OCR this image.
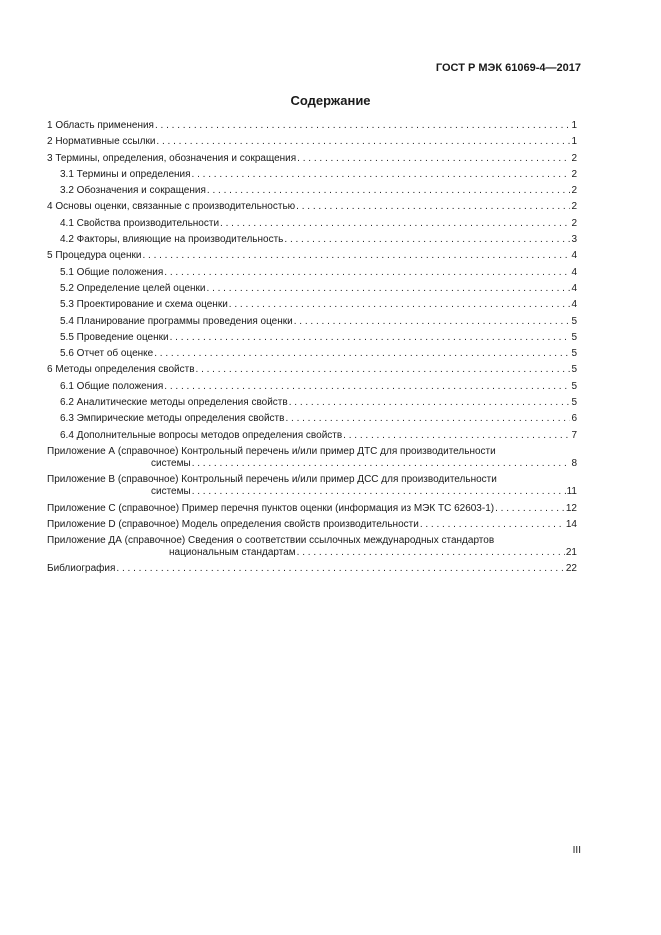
ГОСТ Р МЭК 61069-4—2017
Содержание
1 Область применения . . .	1
2 Нормативные ссылки . . .	1
3 Термины, определения, обозначения и сокращения . . .	2
3.1 Термины и определения . . .	2
3.2 Обозначения и сокращения . . .	2
4 Основы оценки, связанные с производительностью . . .	2
4.1 Свойства производительности . . .	2
4.2 Факторы, влияющие на производительность . . .	3
5 Процедура оценки . . .	4
5.1 Общие положения . . .	4
5.2 Определение целей оценки . . .	4
5.3 Проектирование и схема оценки . . .	4
5.4 Планирование программы проведения оценки . . .	5
5.5 Проведение оценки . . .	5
5.6 Отчет об оценке . . .	5
6 Методы определения свойств . . .	5
6.1 Общие положения . . .	5
6.2 Аналитические методы определения свойств . . .	5
6.3 Эмпирические методы определения свойств . . .	6
6.4 Дополнительные вопросы методов определения свойств . . .	7
Приложение А (справочное) Контрольный перечень и/или пример ДТС для производительности
системы . . .	8
Приложение В (справочное) Контрольный перечень и/или пример ДСС для производительности
системы . . .	11
Приложение С (справочное) Пример перечня пунктов оценки (информация из МЭК ТС 62603-1) . . .	12
Приложение D (справочное) Модель определения свойств производительности . . .	14
Приложение ДА (справочное) Сведения о соответствии ссылочных международных стандартов
национальным стандартам . . .	21
Библиография . . .	22
III
